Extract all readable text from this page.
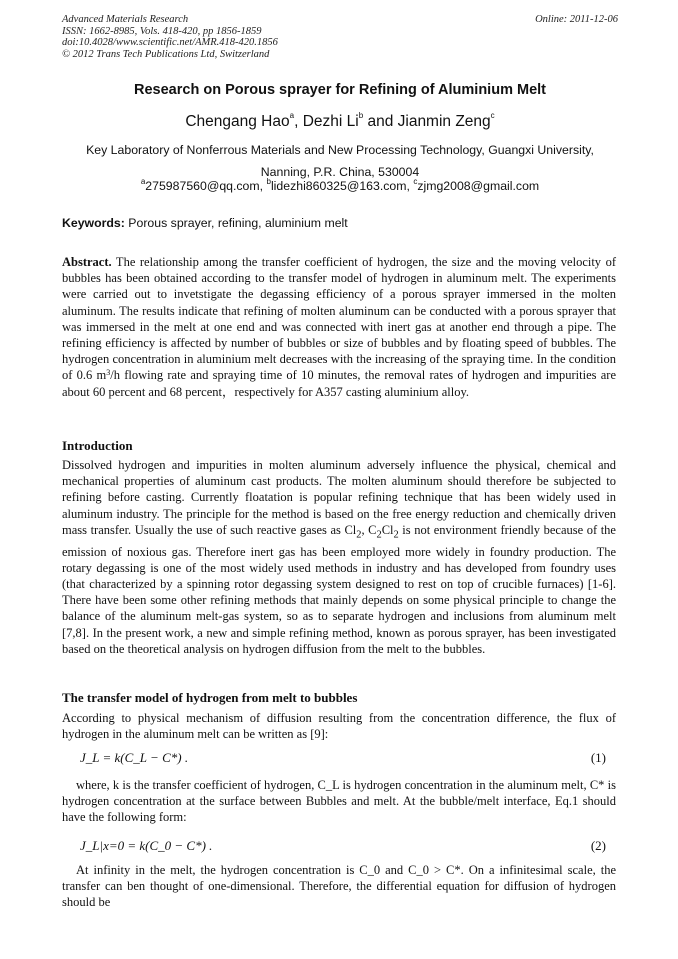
Advanced Materials Research
ISSN: 1662-8985, Vols. 418-420, pp 1856-1859
doi:10.4028/www.scientific.net/AMR.418-420.1856
© 2012 Trans Tech Publications Ltd, Switzerland
Online: 2011-12-06
Research on Porous sprayer for Refining of Aluminium Melt
Chengang Hao$^a$, Dezhi Li$^b$ and Jianmin Zeng$^c$
Key Laboratory of Nonferrous Materials and New Processing Technology, Guangxi University,
Nanning, P.R. China, 530004
$^a$275987560@qq.com, $^b$lidezhi860325@163.com, $^c$zjmg2008@gmail.com
Keywords: Porous sprayer, refining, aluminium melt

Abstract. The relationship among the transfer coefficient of hydrogen, the size and the moving velocity of bubbles has been obtained according to the transfer model of hydrogen in aluminum melt. The experiments were carried out to invetstigate the degassing efficiency of a porous sprayer immersed in the molten aluminum. The results indicate that refining of molten aluminum can be conducted with a porous sprayer that was immersed in the melt at one end and was connected with inert gas at another end through a pipe. The refining efficiency is affected by number of bubbles or size of bubbles and by floating speed of bubbles. The hydrogen concentration in aluminium melt decreases with the increasing of the spraying time. In the condition of 0.6 $m^3/h$ flowing rate and spraying time of 10 minutes, the removal rates of hydrogen and impurities are about 60 percent and 68 percent，respectively for A357 casting aluminium alloy.

Introduction

Dissolved hydrogen and impurities in molten aluminum adversely influence the physical, chemical and mechanical properties of aluminum cast products. The molten aluminum should therefore be subjected to refining before casting. Currently floatation is popular refining technique that has been widely used in aluminum industry. The principle for the method is based on the free energy reduction and chemically driven mass transfer. Usually the use of such reactive gases as $Cl_2$, $C_2Cl_2$ is not environment friendly because of the emission of noxious gas. Therefore inert gas has been employed more widely in foundry production. The rotary degassing is one of the most widely used methods in industry and has developed from foundry uses (that characterized by a spinning rotor degassing system designed to rest on top of crucible furnaces) [1-6]. There have been some other refining methods that mainly depends on some physical principle to change the balance of the aluminum melt-gas system, so as to separate hydrogen and inclusions from aluminum melt [7,8]. In the present work, a new and simple refining method, known as porous sprayer, has been investigated based on the theoretical analysis on hydrogen diffusion from the melt to the bubbles.

The transfer model of hydrogen from melt to bubbles

According to physical mechanism of diffusion resulting from the concentration difference, the flux of hydrogen in the aluminum melt can be written as [9]:

J_L = k(C_L − C*) .	(1)

where, k is the transfer coefficient of hydrogen, C_L is hydrogen concentration in the aluminum melt, C* is hydrogen concentration at the surface between Bubbles and melt. At the bubble/melt interface, Eq.1 should have the following form:

J_L|x=0 = k(C_0 − C*) .	(2)

At infinity in the melt, the hydrogen concentration is C_0 and C_0 > C*. On a infinitesimal scale, the transfer can ben thought of one-dimensional. Therefore, the differential equation for diffusion of hydrogen should be
